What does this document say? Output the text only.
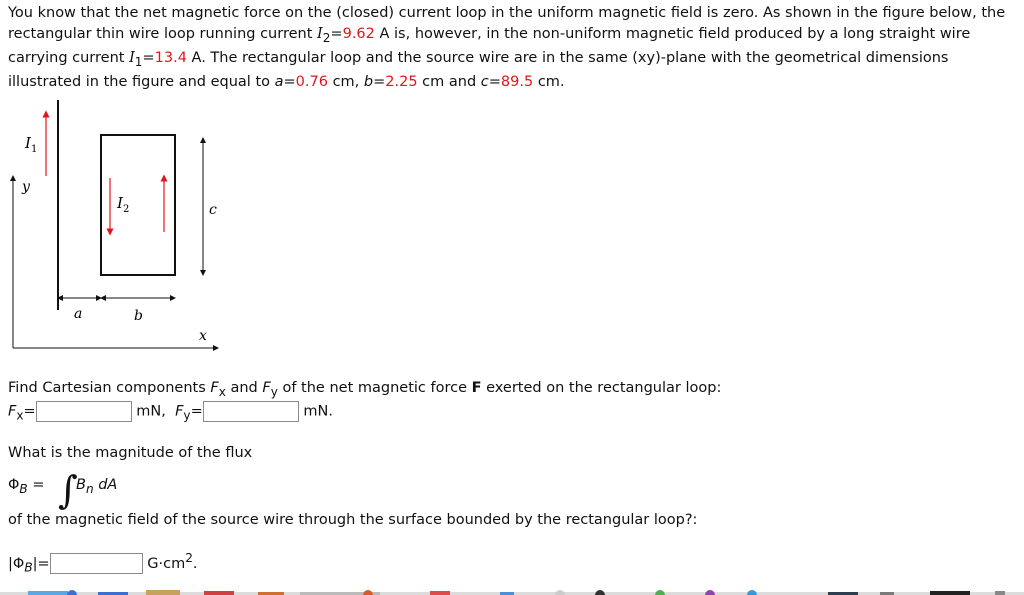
You know that the net magnetic force on the (closed) current loop in the uniform magnetic field is zero. As shown in the figure below, the rectangular thin wire loop running current $I_2=9.62$ A is, however, in the non-uniform magnetic field produced by a long straight wire carrying current $I_1=13.4$ A. The rectangular loop and the source wire are in the same (xy)-plane with the geometrical dimensions illustrated in the figure and equal to a=0.76 cm, b=2.25 cm and c=89.5 cm.
y
x
$I_1$
$I_2$	c
a	b
Find Cartesian components $F_x$ and $F_y$ of the net magnetic force F exerted on the rectangular loop:
$F_x=$	mN, $F_y=$	mN.
What is the magnitude of the flux
$\Phi_B$ = ∫
$B_n$ dA
of the magnetic field of the source wire through the surface bounded by the rectangular loop?:
$|\Phi_B|=$	$G\cdot cm^2$.
